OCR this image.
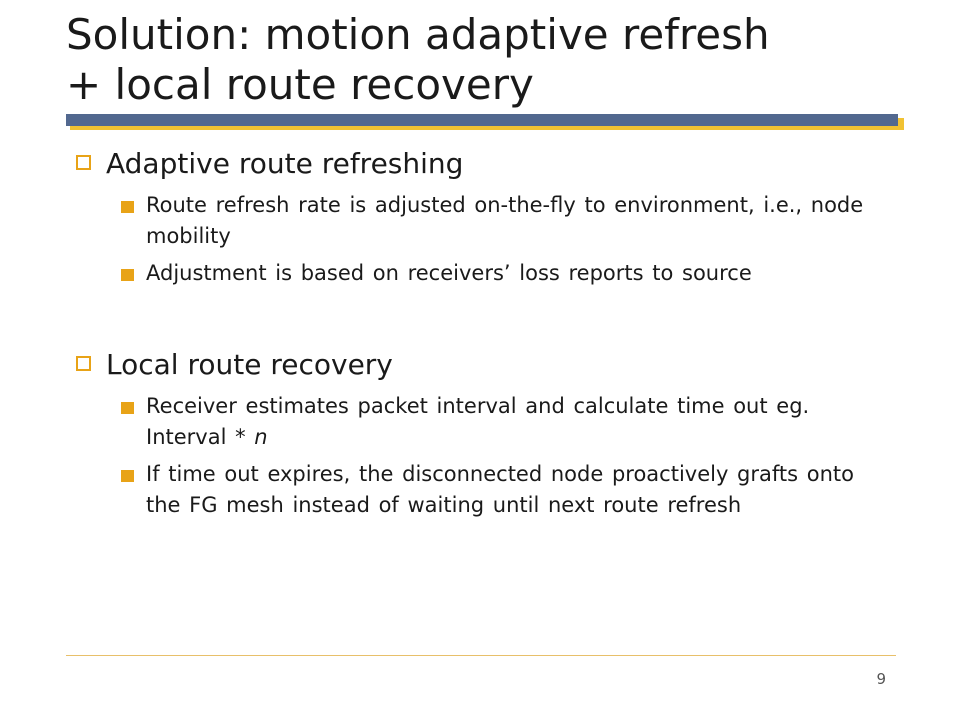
Solution: motion adaptive refresh
+ local route recovery

Adaptive route refreshing

Route refresh rate is adjusted on-the-fly to environment, i.e., node mobility

Adjustment is based on receivers’ loss reports to source

Local route recovery

Receiver estimates packet interval and calculate time out eg. Interval * n

If time out expires, the disconnected node proactively grafts onto the FG mesh instead of waiting until next route refresh

9
